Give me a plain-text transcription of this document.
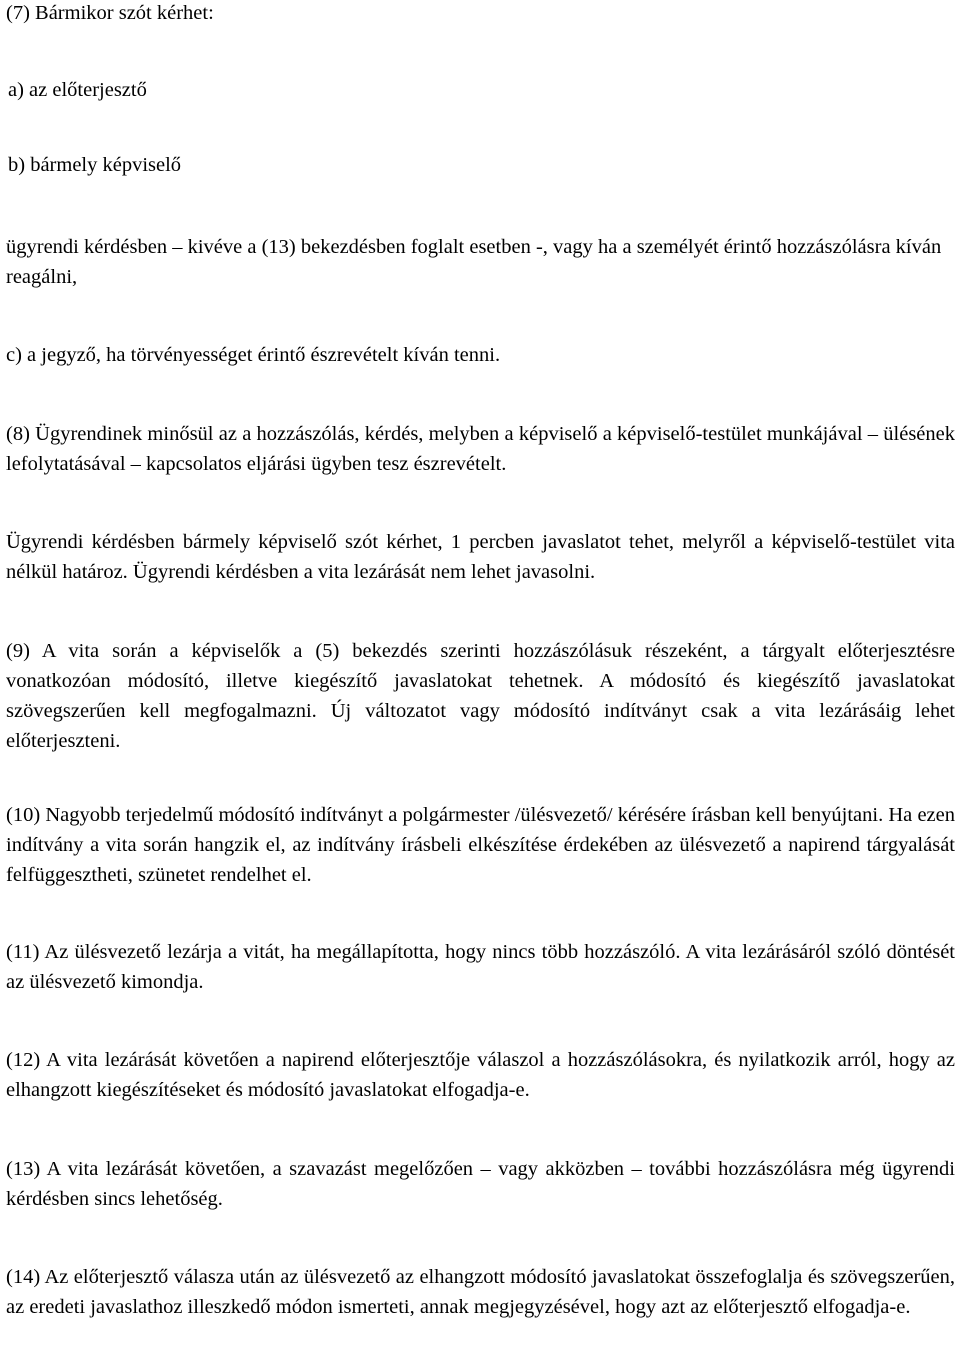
(7) Bármikor szót kérhet:

a) az előterjesztő

b) bármely képviselő

ügyrendi kérdésben – kivéve a (13) bekezdésben foglalt esetben -, vagy ha a személyét érintő hozzászólásra kíván reagálni,

c) a jegyző, ha törvényességet érintő észrevételt kíván tenni.

(8) Ügyrendinek minősül az a hozzászólás, kérdés, melyben a képviselő a képviselő-testület munkájával – ülésének lefolytatásával – kapcsolatos eljárási ügyben tesz észrevételt.

Ügyrendi kérdésben bármely képviselő szót kérhet, 1 percben javaslatot tehet, melyről a képviselő-testület vita nélkül határoz. Ügyrendi kérdésben a vita lezárását nem lehet javasolni.

(9) A vita során a képviselők a (5) bekezdés szerinti hozzászólásuk részeként, a tárgyalt előterjesztésre vonatkozóan módosító, illetve kiegészítő javaslatokat tehetnek. A módosító és kiegészítő javaslatokat szövegszerűen kell megfogalmazni. Új változatot vagy módosító indítványt csak a vita lezárásáig lehet előterjeszteni.

(10) Nagyobb terjedelmű módosító indítványt a polgármester /ülésvezető/ kérésére írásban kell benyújtani. Ha ezen indítvány a vita során hangzik el, az indítvány írásbeli elkészítése érdekében az ülésvezető a napirend tárgyalását felfüggesztheti, szünetet rendelhet el.

(11) Az ülésvezető lezárja a vitát, ha megállapította, hogy nincs több hozzászóló. A vita lezárásáról szóló döntését az ülésvezető kimondja.

(12) A vita lezárását követően a napirend előterjesztője válaszol a hozzászólásokra, és nyilatkozik arról, hogy az elhangzott kiegészítéseket és módosító javaslatokat elfogadja-e.

(13) A vita lezárását követően, a szavazást megelőzően – vagy akközben – további hozzászólásra még ügyrendi kérdésben sincs lehetőség.

(14) Az előterjesztő válasza után az ülésvezető az elhangzott módosító javaslatokat összefoglalja és szövegszerűen, az eredeti javaslathoz illeszkedő módon ismerteti, annak megjegyzésével, hogy azt az előterjesztő elfogadja-e.
